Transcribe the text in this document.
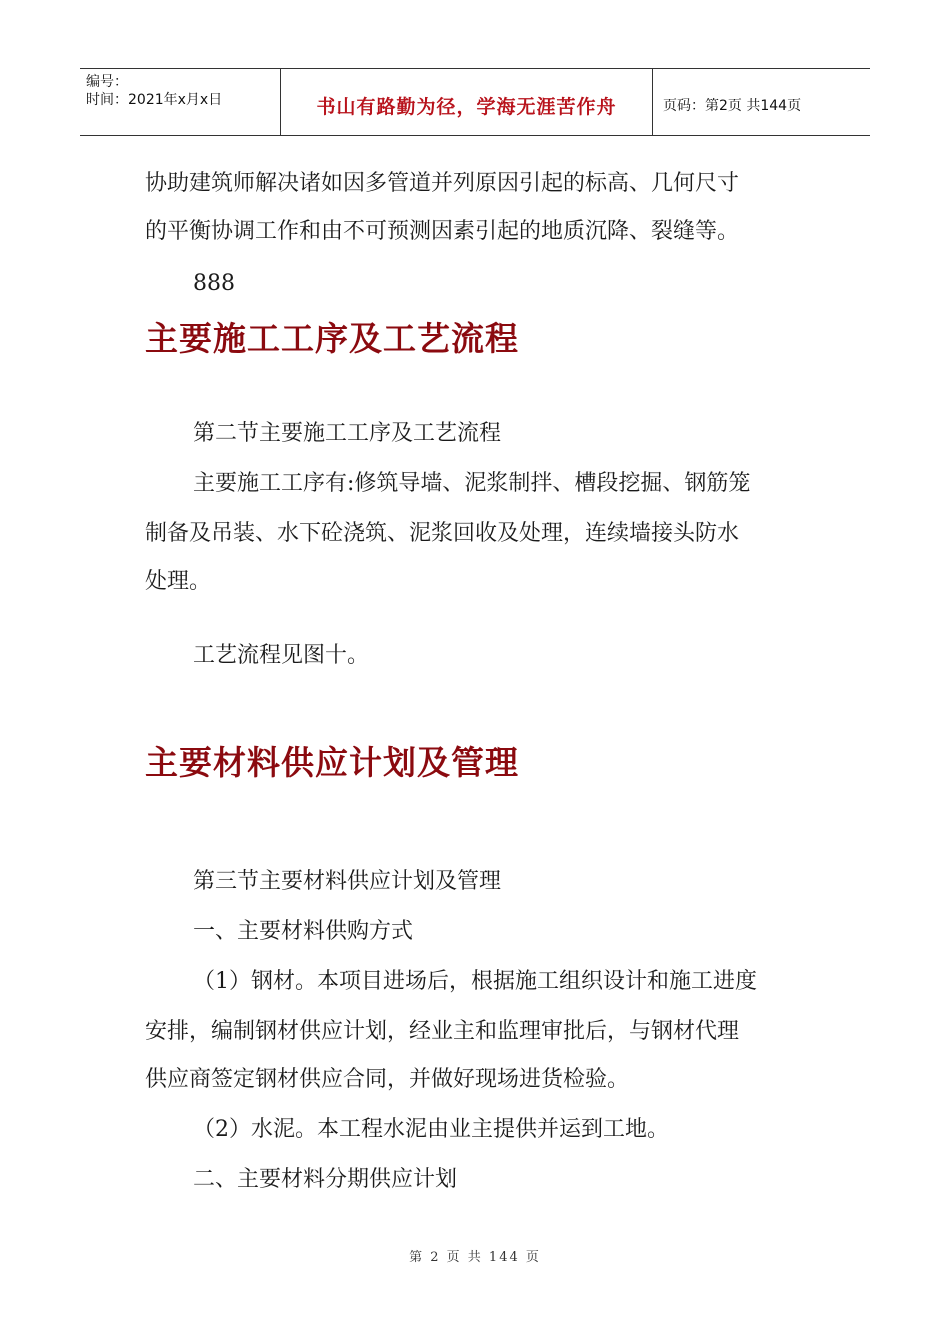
编号：
时间：2021年x月x日	书山有路勤为径，学海无涯苦作舟	页码：第2页 共144页
协助建筑师解决诸如因多管道并列原因引起的标高、几何尺寸
的平衡协调工作和由不可预测因素引起的地质沉降、裂缝等。
888
主要施工工序及工艺流程
第二节主要施工工序及工艺流程
主要施工工序有:修筑导墙、泥浆制拌、槽段挖掘、钢筋笼
制备及吊装、水下砼浇筑、泥浆回收及处理，连续墙接头防水
处理。
工艺流程见图十。
主要材料供应计划及管理
第三节主要材料供应计划及管理
一、主要材料供购方式
（1）钢材。本项目进场后，根据施工组织设计和施工进度
安排，编制钢材供应计划，经业主和监理审批后，与钢材代理
供应商签定钢材供应合同，并做好现场进货检验。
（2）水泥。本工程水泥由业主提供并运到工地。
二、主要材料分期供应计划
第 2 页 共 144 页
